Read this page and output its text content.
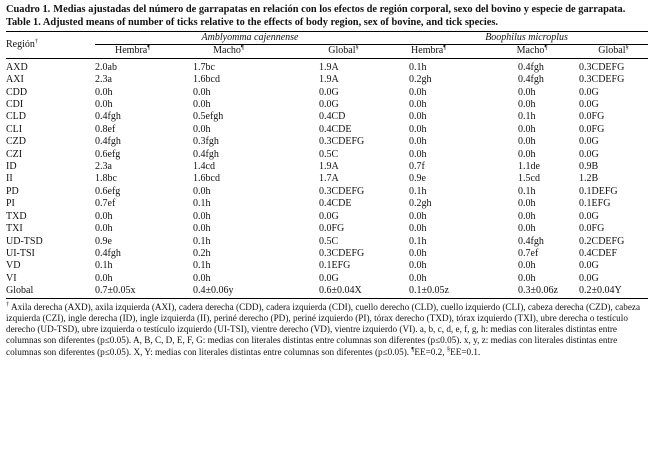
Cuadro 1. Medias ajustadas del número de garrapatas en relación con los efectos de región corporal, sexo del bovino y especie de garrapata.
Table 1. Adjusted means of number of ticks relative to the effects of body region, sex of bovine, and tick species.
Región†	Amblyomma cajennense			Boophilus microplus		
	Hembra¶	Macho¶	Global§	Hembra¶	Macho¶	Global§
AXD	2.0ab	1.7bc	1.9A	0.1h	0.4fgh	0.3CDEFG
AXI	2.3a	1.6bcd	1.9A	0.2gh	0.4fgh	0.3CDEFG
CDD	0.0h	0.0h	0.0G	0.0h	0.0h	0.0G
CDI	0.0h	0.0h	0.0G	0.0h	0.0h	0.0G
CLD	0.4fgh	0.5efgh	0.4CD	0.0h	0.1h	0.0FG
CLI	0.8ef	0.0h	0.4CDE	0.0h	0.0h	0.0FG
CZD	0.4fgh	0.3fgh	0.3CDEFG	0.0h	0.0h	0.0G
CZI	0.6efg	0.4fgh	0.5C	0.0h	0.0h	0.0G
ID	2.3a	1.4cd	1.9A	0.7f	1.1de	0.9B
II	1.8bc	1.6bcd	1.7A	0.9e	1.5cd	1.2B
PD	0.6efg	0.0h	0.3CDEFG	0.1h	0.1h	0.1DEFG
PI	0.7ef	0.1h	0.4CDE	0.2gh	0.0h	0.1EFG
TXD	0.0h	0.0h	0.0G	0.0h	0.0h	0.0G
TXI	0.0h	0.0h	0.0FG	0.0h	0.0h	0.0FG
UD-TSD	0.9e	0.1h	0.5C	0.1h	0.4fgh	0.2CDEFG
UI-TSI	0.4fgh	0.2h	0.3CDEFG	0.0h	0.7ef	0.4CDEF
VD	0.1h	0.1h	0.1EFG	0.0h	0.0h	0.0G
VI	0.0h	0.0h	0.0G	0.0h	0.0h	0.0G
Global	0.7±0.05x	0.4±0.06y	0.6±0.04X	0.1±0.05z	0.3±0.06z	0.2±0.04Y
† Axila derecha (AXD), axila izquierda (AXI), cadera derecha (CDD), cadera izquierda (CDI), cuello derecho (CLD), cuello izquierdo (CLI), cabeza derecha (CZD), cabeza izquierda (CZI), ingle derecha (ID), ingle izquierda (II), periné derecho (PD), periné izquierdo (PI), tórax derecho (TXD), tórax izquierdo (TXI), ubre derecha o testículo derecho (UD-TSD), ubre izquierda o testículo izquierdo (UI-TSI), vientre derecho (VD), vientre izquierdo (VI). a, b, c, d, e, f, g, h: medias con literales distintas entre columnas son diferentes (p≤0.05). A, B, C, D, E, F, G: medias con literales distintas entre columnas son diferentes (p≤0.05). x, y, z: medias con literales distintas entre columnas son diferentes (p≤0.05). X, Y: medias con literales distintas entre columnas son diferentes (p≤0.05). ¶EE=0.2, §EE=0.1.
